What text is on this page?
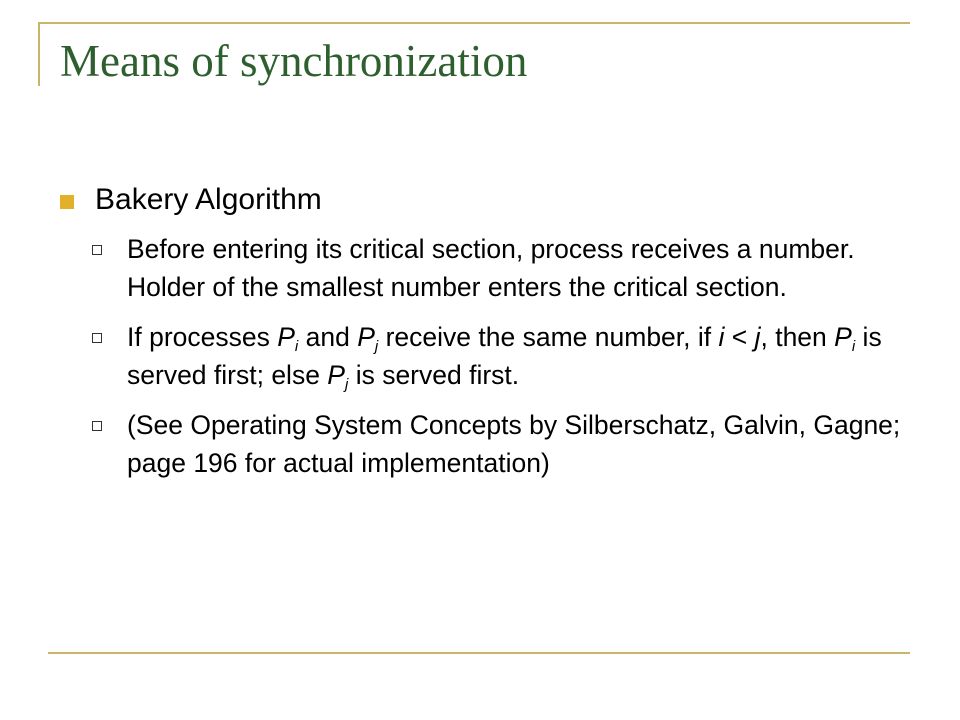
Means of synchronization
Bakery Algorithm
Before entering its critical section, process receives a number. Holder of the smallest number enters the critical section.
If processes $P_i$ and $P_j$ receive the same number, if i < j, then $P_i$ is served first; else $P_j$ is served first.
(See Operating System Concepts by Silberschatz, Galvin, Gagne; page 196 for actual implementation)
